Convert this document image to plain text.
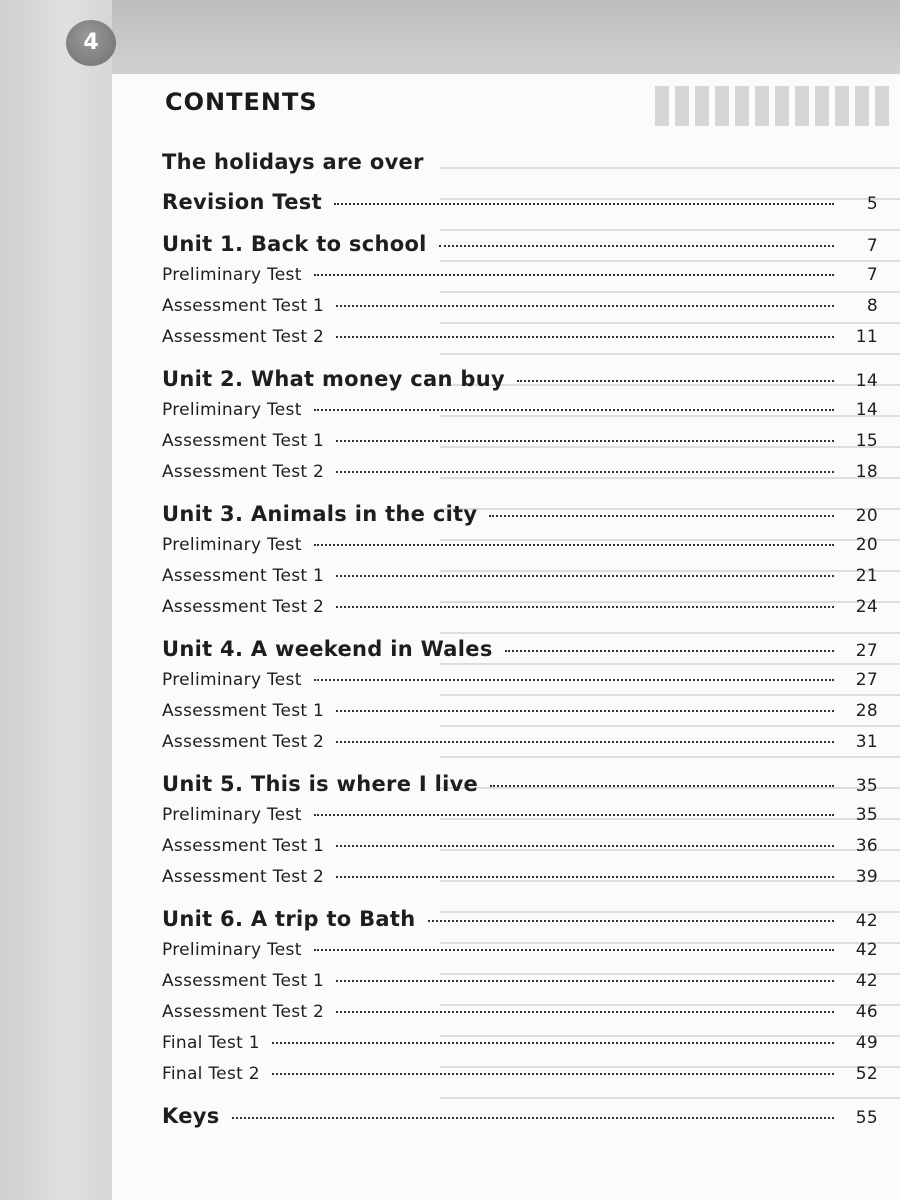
4
CONTENTS
The holidays are over
Revision Test	5
Unit 1. Back to school	7
Preliminary Test	7
Assessment Test 1	8
Assessment Test 2	11
Unit 2. What money can buy	14
Preliminary Test	14
Assessment Test 1	15
Assessment Test 2	18
Unit 3. Animals in the city	20
Preliminary Test	20
Assessment Test 1	21
Assessment Test 2	24
Unit 4. A weekend in Wales	27
Preliminary Test	27
Assessment Test 1	28
Assessment Test 2	31
Unit 5. This is where I live	35
Preliminary Test	35
Assessment Test 1	36
Assessment Test 2	39
Unit 6. A trip to Bath	42
Preliminary Test	42
Assessment Test 1	42
Assessment Test 2	46
Final Test 1	49
Final Test 2	52
Keys	55
